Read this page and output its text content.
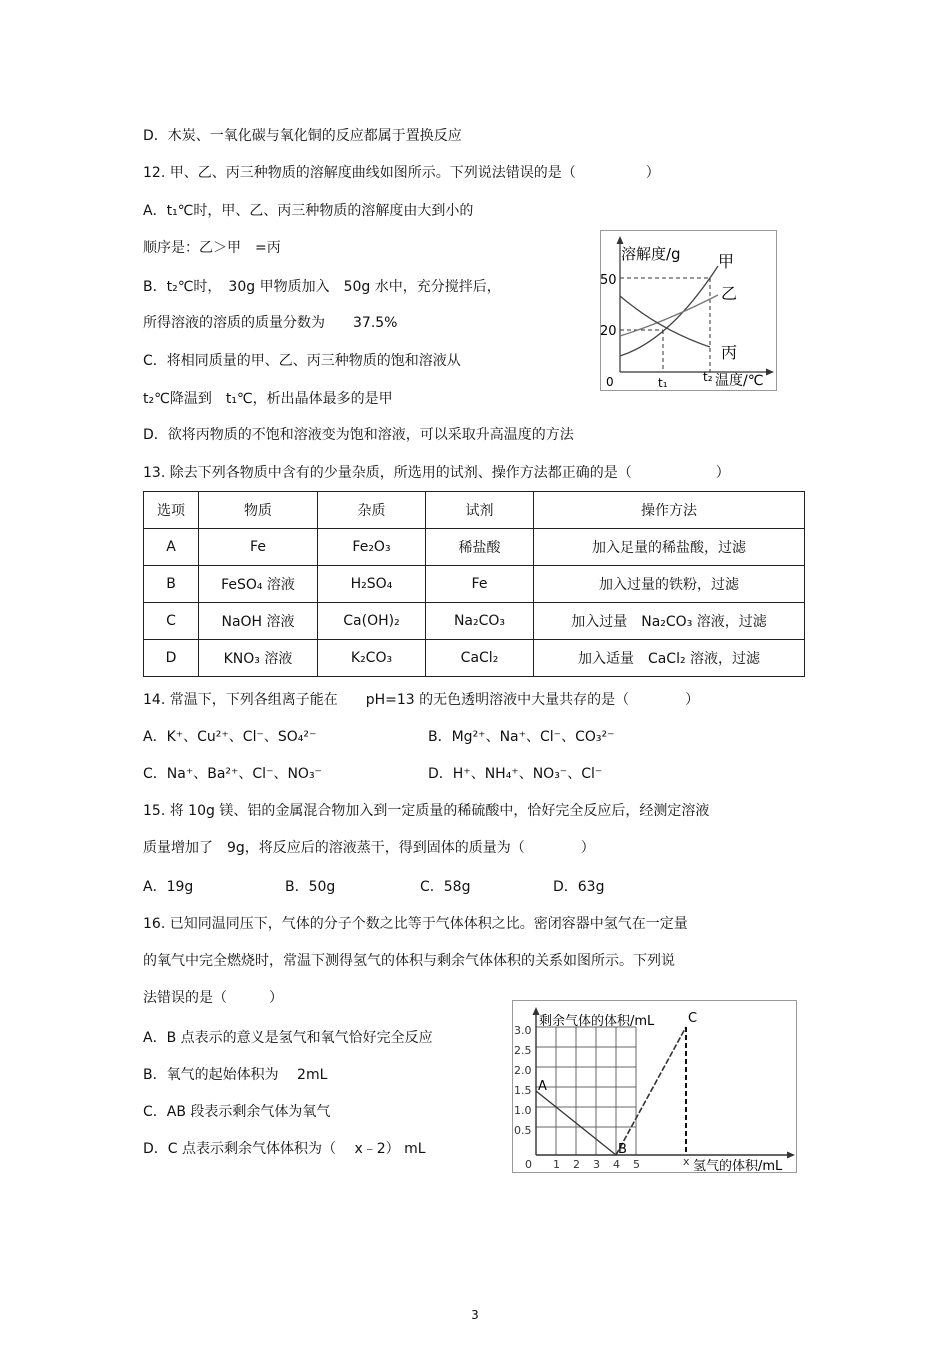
D．木炭、一氧化碳与氧化铜的反应都属于置换反应
12. 甲、乙、丙三种物质的溶解度曲线如图所示。下列说法错误的是（　　　　　）
A．t₁℃时，甲、乙、丙三种物质的溶解度由大到小的
顺序是：乙＞甲　=丙
B．t₂℃时，　30g 甲物质加入　50g 水中，充分搅拌后，
所得溶液的溶质的质量分数为　　37.5%
C．将相同质量的甲、乙、丙三种物质的饱和溶液从
t₂℃降温到　t₁℃，析出晶体最多的是甲
D．欲将丙物质的不饱和溶液变为饱和溶液，可以采取升高温度的方法
13. 除去下列各物质中含有的少量杂质，所选用的试剂、操作方法都正确的是（　　　　　　）
溶解度/g
温度/℃
0
50
20
t₁	t₂
甲
乙
丙
选项	物质	杂质	试剂	操作方法
A	Fe	Fe₂O₃	稀盐酸	加入足量的稀盐酸，过滤
B	FeSO₄ 溶液	H₂SO₄	Fe	加入过量的铁粉，过滤
C	NaOH 溶液	Ca(OH)₂	Na₂CO₃	加入过量　Na₂CO₃ 溶液，过滤
D	KNO₃ 溶液	K₂CO₃	CaCl₂	加入适量　CaCl₂ 溶液，过滤
14. 常温下，下列各组离子能在　　pH=13 的无色透明溶液中大量共存的是（　　　　）
A．K⁺、Cu²⁺、Cl⁻、SO₄²⁻	B．Mg²⁺、Na⁺、Cl⁻、CO₃²⁻
C．Na⁺、Ba²⁺、Cl⁻、NO₃⁻	D．H⁺、NH₄⁺、NO₃⁻、Cl⁻
15. 将 10g 镁、铝的金属混合物加入到一定质量的稀硫酸中，恰好完全反应后，经测定溶液
质量增加了　9g，将反应后的溶液蒸干，得到固体的质量为（　　　　）
A．19g	B．50g	C．58g	D．63g
16. 已知同温同压下，气体的分子个数之比等于气体体积之比。密闭容器中氢气在一定量
的氧气中完全燃烧时，常温下测得氢气的体积与剩余气体体积的关系如图所示。下列说
法错误的是（　　　）
A．B 点表示的意义是氢气和氧气恰好完全反应
B．氧气的起始体积为　 2mL
C．AB 段表示剩余气体为氧气
D．C 点表示剩余气体体积为（　 x﹣2） mL
剩余气体的体积/mL
氢气的体积/mL
3.0
2.5
2.0
1.5
1.0
0.5
0 1 2 3 4 5	x
A
B
C
3
